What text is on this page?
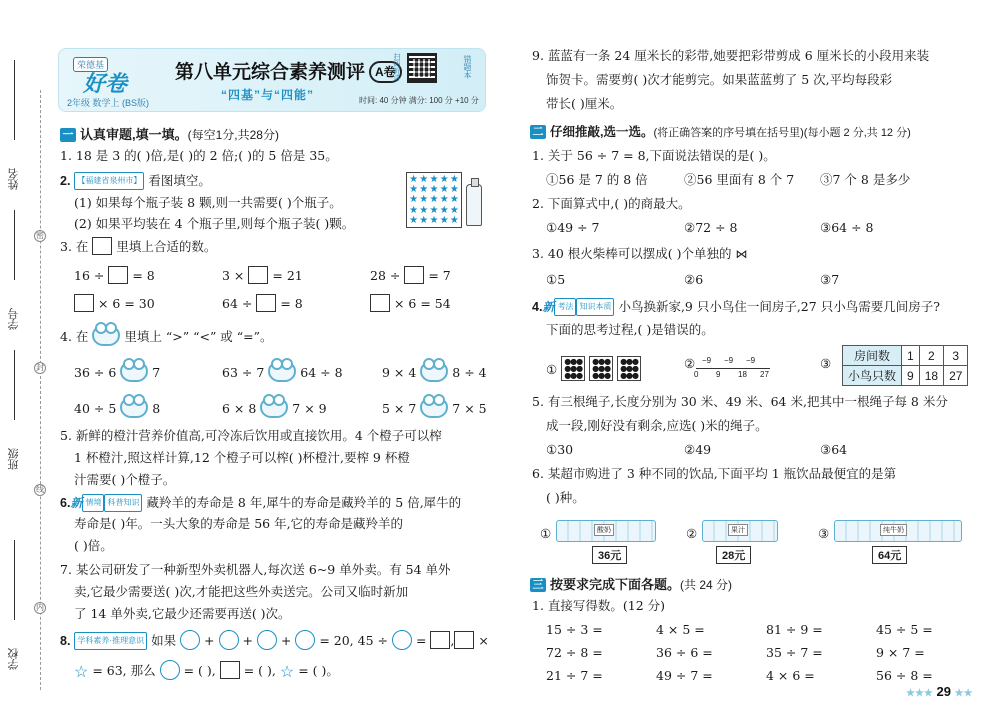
姓名
学号
班级
学校
密
封
线
内
荣德基
好卷
2年级 数学上 (BS版)
第八单元综合素养测评 A卷
“四基”与“四能”
扫码听讲	错题本
时间: 40 分钟 满分: 100 分 +10 分
一 认真审题,填一填。(每空1分,共28分)
1. 18 是 3 的( )倍,是( )的 2 倍;( )的 5 倍是 35。
2. 【福建省泉州市】 看图填空。
(1) 如果每个瓶子装 8 颗,则一共需要( )个瓶子。
(2) 如果平均装在 4 个瓶子里,则每个瓶子装( )颗。
★ ★ ★ ★ ★
★ ★ ★ ★ ★
★ ★ ★ ★ ★
★ ★ ★ ★ ★
★ ★ ★ ★ ★
3. 在 里填上合适的数。
16 ÷ = 8	3 × = 21	28 ÷ = 7
× 6 = 30	64 ÷ = 8	× 6 = 54
4. 在	里填上 “>” “<” 或 “=”。
36 ÷ 6	7	63 ÷ 7	64 ÷ 8	9 × 4	8 ÷ 4
40 ÷ 5	8	6 × 8	7 × 9	5 × 7	7 × 5
5. 新鲜的橙汁营养价值高,可冷冻后饮用或直接饮用。4 个橙子可以榨
1 杯橙汁,照这样计算,12 个橙子可以榨( )杯橙汁,要榨 9 杯橙
汁需要( )个橙子。
6.新 情境 科普知识 藏羚羊的寿命是 8 年,犀牛的寿命是藏羚羊的 5 倍,犀牛的
寿命是( )年。一头大象的寿命是 56 年,它的寿命是藏羚羊的
( )倍。
7. 某公司研发了一种新型外卖机器人,每次送 6~9 单外卖。有 54 单外
卖,它最少需要送( )次,才能把这些外卖送完。公司又临时新加
了 14 单外卖,它最少还需要再送( )次。
8. 学科素养·推理意识 如果  +  +  +  = 20, 45 ÷ = , ×
☆ = 63, 那么 = ( ), = ( ), ☆ = ( )。
9. 蓝蓝有一条 24 厘米长的彩带,她要把彩带剪成 6 厘米长的小段用来装
饰贺卡。需要剪( )次才能剪完。如果蓝蓝剪了 5 次,平均每段彩
带长( )厘米。
二 仔细推敲,选一选。(将正确答案的序号填在括号里)(每小题 2 分,共 12 分)
1. 关于 56 ÷ 7 = 8,下面说法错误的是( )。
①56 是 7 的 8 倍	②56 里面有 8 个 7 ③7 个 8 是多少
2. 下面算式中,( )的商最大。
①49 ÷ 7	②72 ÷ 8	③64 ÷ 8
3. 40 根火柴棒可以摆成( )个单独的 ⋈
①5	②6	③7
4.新 考法 知识本质 小鸟换新家,9 只小鸟住一间房子,27 只小鸟需要几间房子?
下面的思考过程,( )是错误的。
① ●●●
●●●
●●● ●●●
●●●
●●● ●●●
●●●
●●●
②
0 9 18 27
−9 −9 −9	③ 房间数	1	2	3
小鸟只数	9	18	27
5. 有三根绳子,长度分别为 30 米、49 米、64 米,把其中一根绳子每 8 米分
成一段,刚好没有剩余,应选( )米的绳子。
①30	②49	③64
6. 某超市购进了 3 种不同的饮品,下面平均 1 瓶饮品最便宜的是第
( )种。
①	酸奶
36元
②	果汁
28元
③	纯牛奶
64元
三 按要求完成下面各题。(共 24 分)
1. 直接写得数。(12 分)
15 ÷ 3 =	4 × 5 =	81 ÷ 9 =	45 ÷ 5 =
72 ÷ 8 =	36 ÷ 6 =	35 ÷ 7 =	9 × 7 =
21 ÷ 7 =	49 ÷ 7 =	4 × 6 =	56 ÷ 8 =
★★★ 29 ★★
